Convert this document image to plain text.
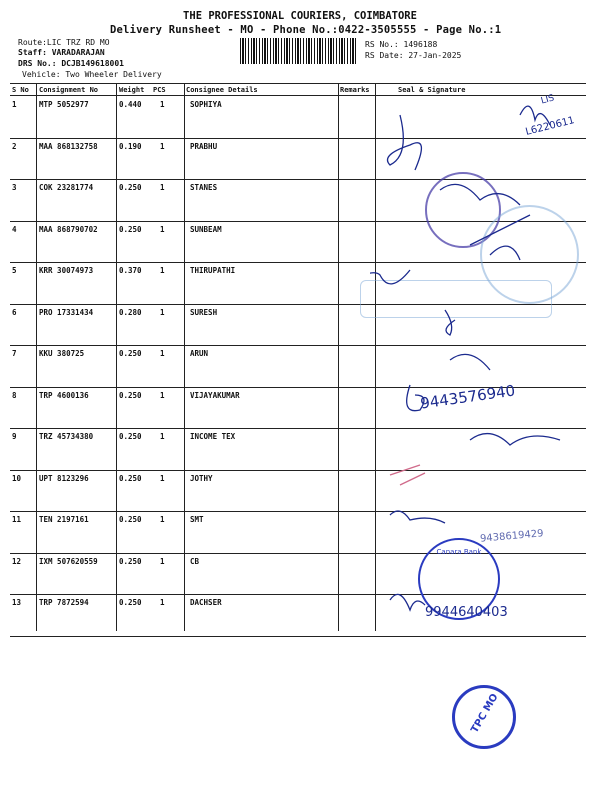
THE PROFESSIONAL COURIERS, COIMBATORE
Delivery Runsheet - MO - Phone No.:0422-3505555 - Page No.:1
Route:LIC TRZ RD MO
Staff: VARADARAJAN
DRS No.: DCJB149618001
Vehicle: Two Wheeler Delivery
RS No.: 1496188
RS Date: 27-Jan-2025
S No Consignment No	Weight PCS	Consignee Details	Remarks	Seal & Signature
1	MTP 5052977	0.440 1	SOPHIYA
2	MAA 868132758	0.190 1	PRABHU
3	COK 23281774	0.250 1	STANES
4	MAA 868790702	0.250 1	SUNBEAM
5	KRR 30074973	0.370 1	THIRUPATHI
6	PRO 17331434	0.280 1	SURESH
7	KKU 380725	0.250 1	ARUN
8	TRP 4600136	0.250 1	VIJAYAKUMAR
9	TRZ 45734380	0.250 1	INCOME TEX
10 UPT 8123296	0.250 1	JOTHY
11 TEN 2197161	0.250 1	SMT
12 IXM 507620559	0.250 1	CB
13 TRP 7872594	0.250 1	DACHSER
Canara Bank
TPC MO
LIS
L6220611
9443576940
9438619429
9944640403
